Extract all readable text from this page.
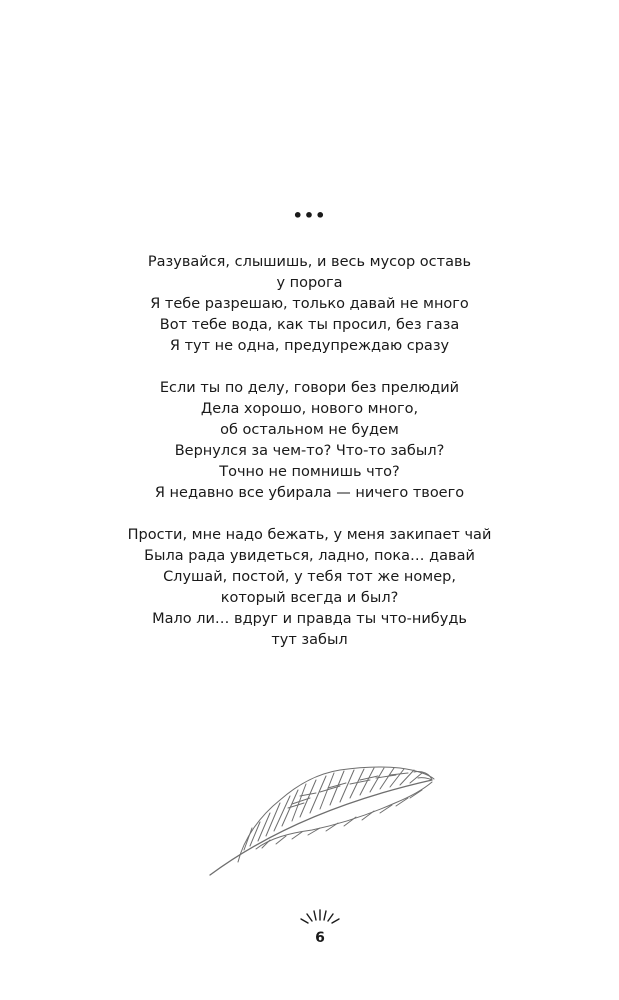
•••
Разувайся, слышишь, и весь мусор оставь
у порога
Я тебе разрешаю, только давай не много
Вот тебе вода, как ты просил, без газа
Я тут не одна, предупреждаю сразу
Если ты по делу, говори без прелюдий
Дела хорошо, нового много,
об остальном не будем
Вернулся за чем-то? Что-то забыл?
Точно не помнишь что?
Я недавно все убирала — ничего твоего
Прости, мне надо бежать, у меня закипает чай
Была рада увидеться, ладно, пока… давай
Слушай, постой, у тебя тот же номер,
который всегда и был?
Мало ли… вдруг и правда ты что-нибудь
тут забыл
6
